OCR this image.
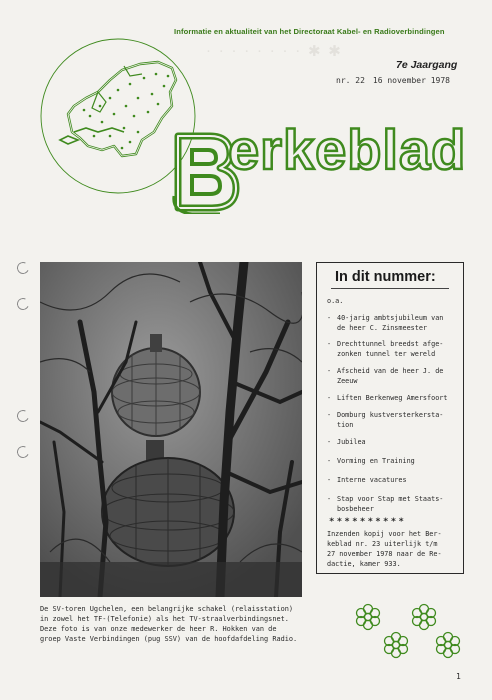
Informatie en aktualiteit van het Directoraat Kabel- en Radioverbindingen
· · · · · · · · ✱ ✱
7e Jaargang
nr. 22 16 november 1978
erkeblad
De SV-toren Ugchelen, een belangrijke schakel (relaisstation)
in zowel het TF-(Telefonie) als het TV-straalverbindingsnet.
Deze foto is van onze medewerker de heer R. Hokken van de
groep Vaste Verbindingen (pug SSV) van de hoofdafdeling Radio.
In dit nummer:
o.a.
- 40-jarig ambtsjubileum van
de heer C. Zinsmeester
- Drechttunnel breedst afge-
zonken tunnel ter wereld
- Afscheid van de heer J. de
Zeeuw
- Liften Berkenweg Amersfoort
- Domburg kustversterkersta-
tion
- Jubilea
- Vorming en Training
- Interne vacatures
- Stap voor Stap met Staats-
bosbeheer
**********
Inzenden kopij voor het Ber-
keblad nr. 23 uiterlijk t/m
27 november 1978 naar de Re-
dactie, kamer 933.
1
